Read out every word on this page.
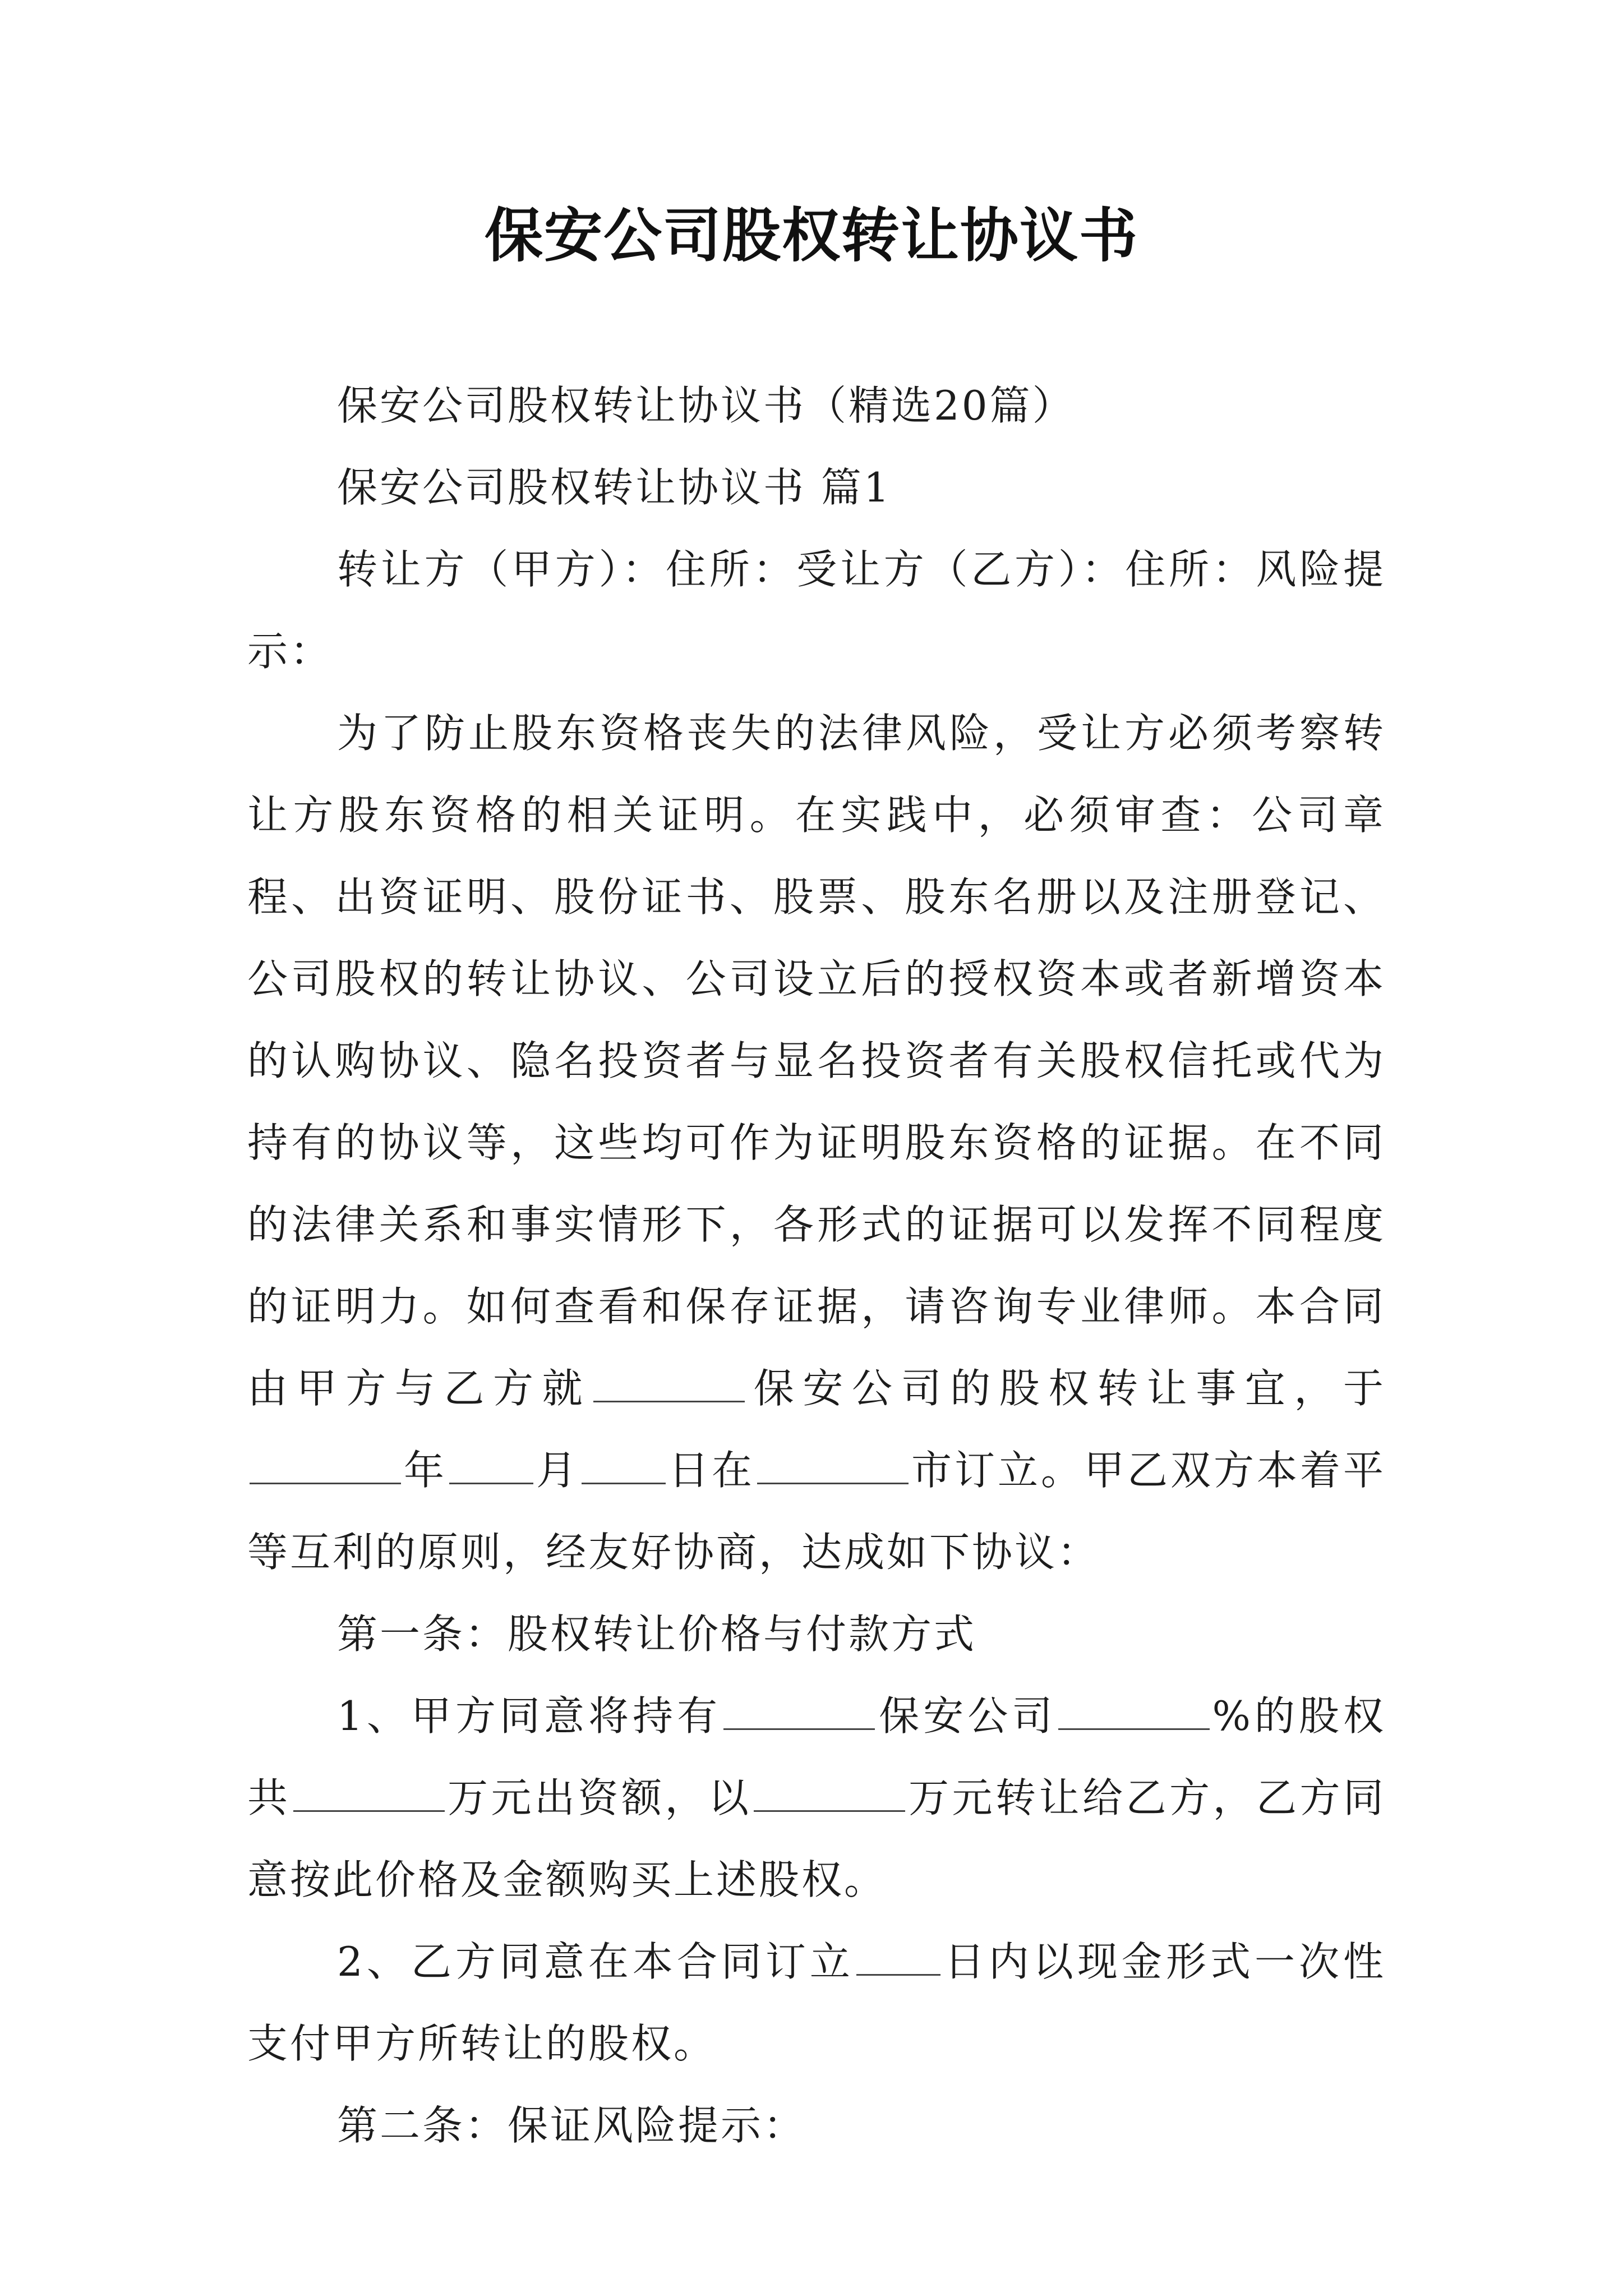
保安公司股权转让协议书

保安公司股权转让协议书（精选20篇）

保安公司股权转让协议书 篇1

转让方（甲方）：住所：受让方（乙方）：住所：风险提示：

为了防止股东资格丧失的法律风险，受让方必须考察转让方股东资格的相关证明。在实践中，必须审查：公司章程、出资证明、股份证书、股票、股东名册以及注册登记、公司股权的转让协议、公司设立后的授权资本或者新增资本的认购协议、隐名投资者与显名投资者有关股权信托或代为持有的协议等，这些均可作为证明股东资格的证据。在不同的法律关系和事实情形下，各形式的证据可以发挥不同程度的证明力。如何查看和保存证据，请咨询专业律师。本合同由甲方与乙方就	保安公司的股权转让事宜，于年 月 日在	市订立。甲乙双方本着平等互利的原则，经友好协商，达成如下协议：

第一条：股权转让价格与付款方式

1、甲方同意将持有	保安公司	%的股权共	万元出资额，以	万元转让给乙方，乙方同意按此价格及金额购买上述股权。

2、乙方同意在本合同订立 日内以现金形式一次性支付甲方所转让的股权。

第二条：保证风险提示：
